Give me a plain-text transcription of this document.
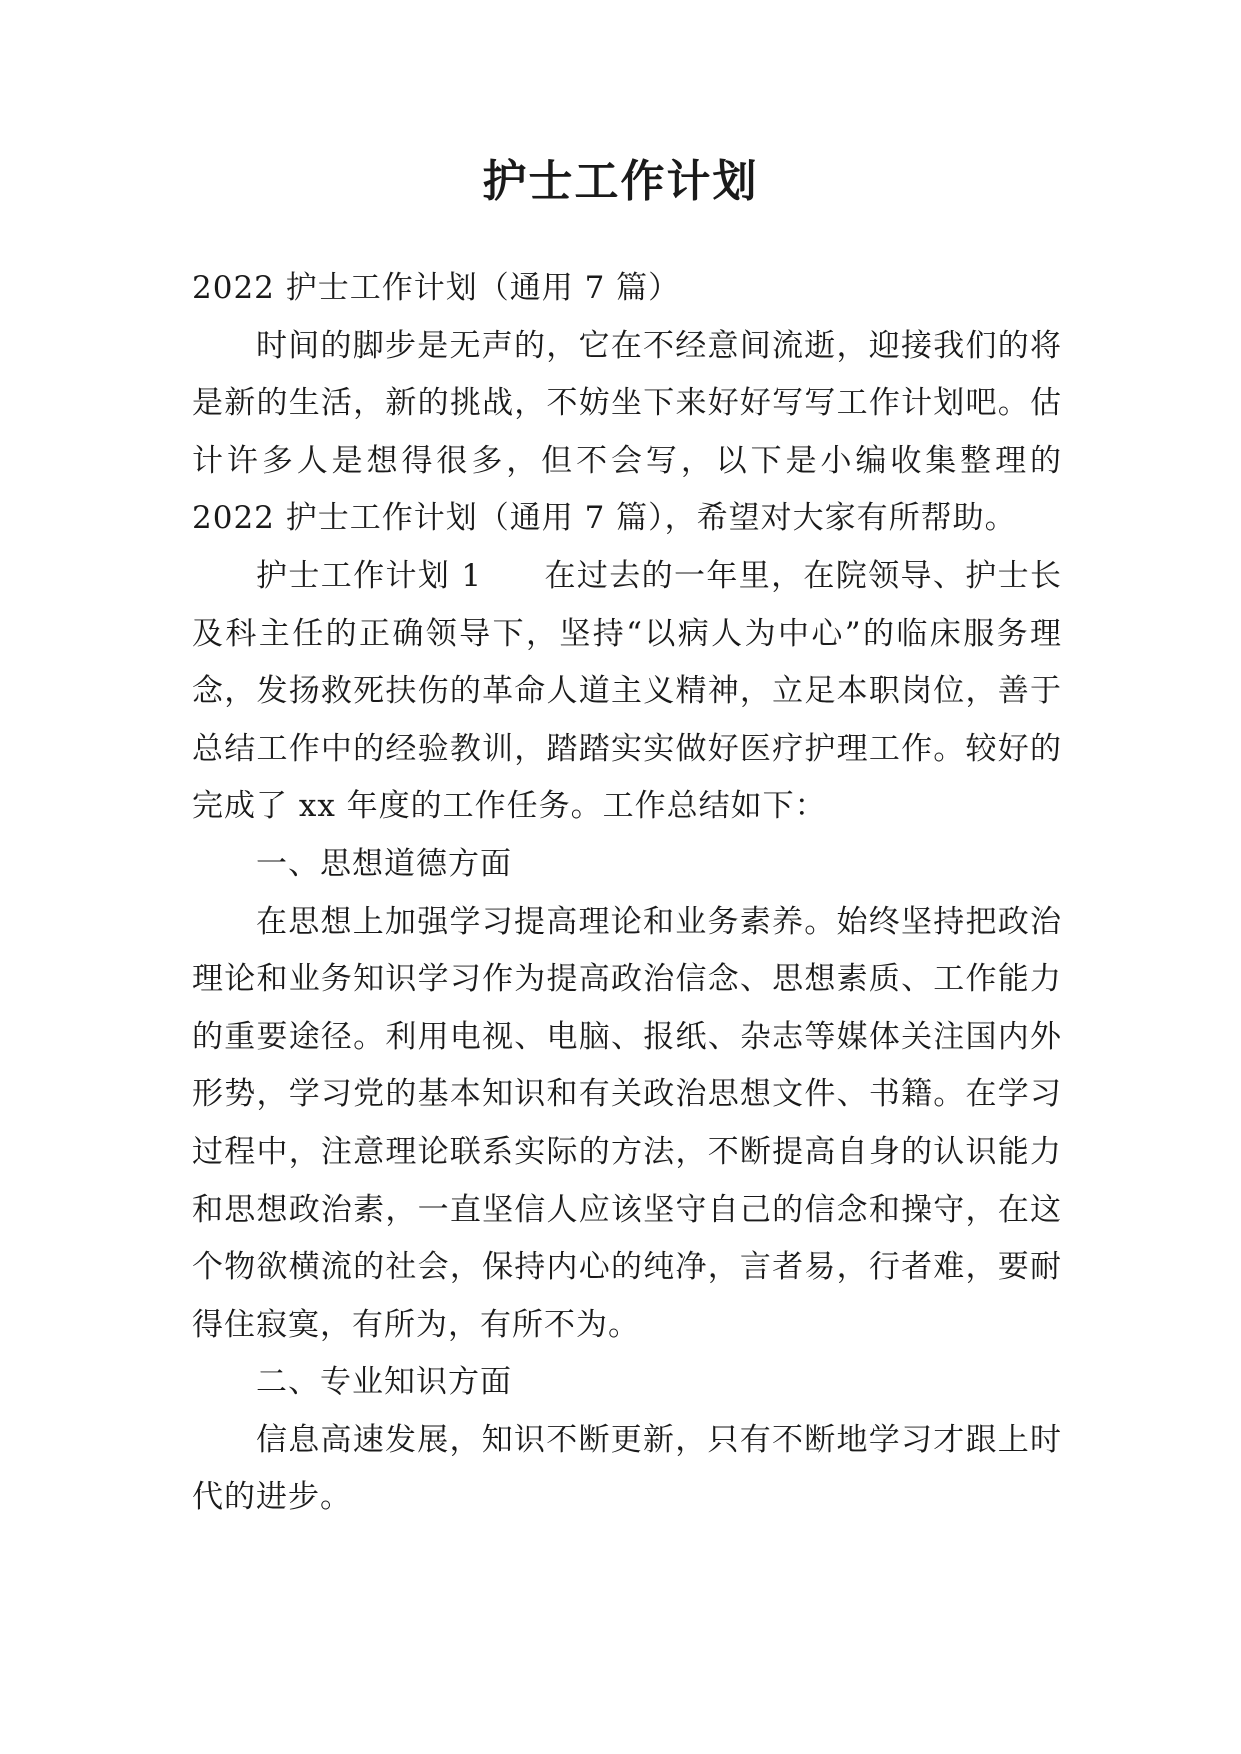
护士工作计划

2022 护士工作计划（通用 7 篇）

时间的脚步是无声的，它在不经意间流逝，迎接我们的将是新的生活，新的挑战，不妨坐下来好好写写工作计划吧。估计许多人是想得很多，但不会写，以下是小编收集整理的 2022 护士工作计划（通用 7 篇），希望对大家有所帮助。

护士工作计划 1 在过去的一年里，在院领导、护士长及科主任的正确领导下，坚持“以病人为中心”的临床服务理念，发扬救死扶伤的革命人道主义精神，立足本职岗位，善于总结工作中的经验教训，踏踏实实做好医疗护理工作。较好的完成了 xx 年度的工作任务。工作总结如下：

一、思想道德方面

在思想上加强学习提高理论和业务素养。始终坚持把政治理论和业务知识学习作为提高政治信念、思想素质、工作能力的重要途径。利用电视、电脑、报纸、杂志等媒体关注国内外形势，学习党的基本知识和有关政治思想文件、书籍。在学习过程中，注意理论联系实际的方法，不断提高自身的认识能力和思想政治素，一直坚信人应该坚守自己的信念和操守，在这个物欲横流的社会，保持内心的纯净，言者易，行者难，要耐得住寂寞，有所为，有所不为。

二、专业知识方面

信息高速发展，知识不断更新，只有不断地学习才跟上时代的进步。
